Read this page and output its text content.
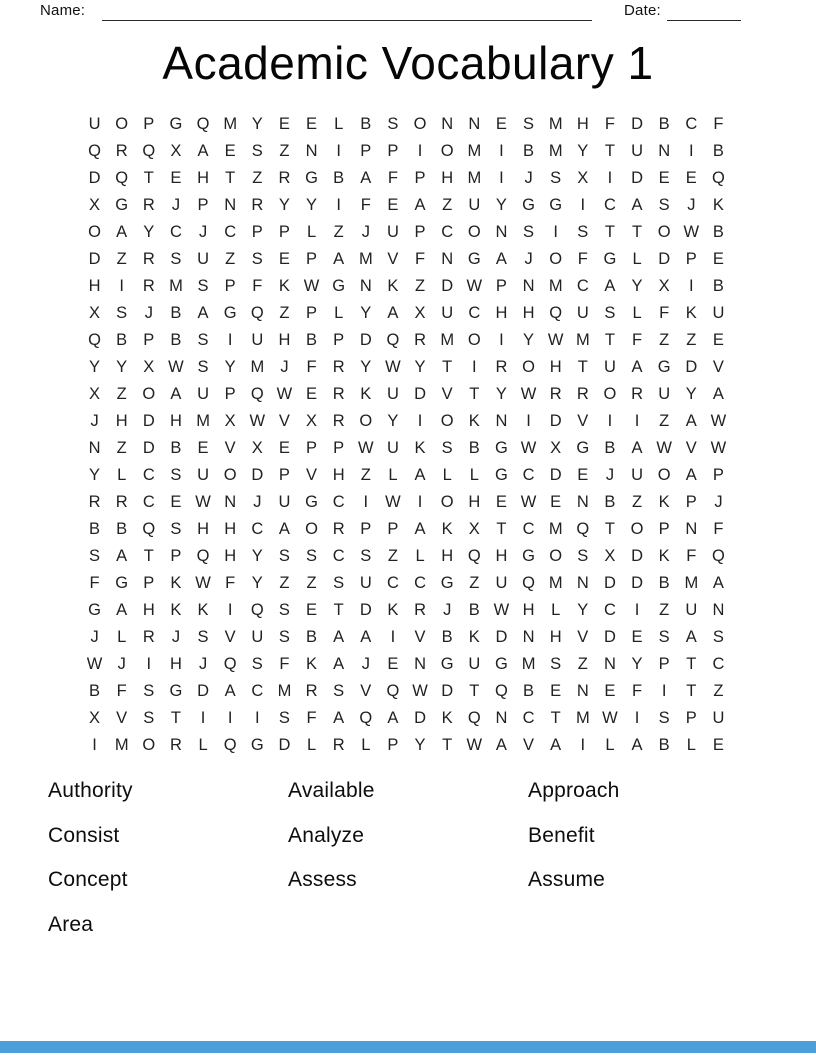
Name:	Date:
Academic Vocabulary 1
U O P G Q M Y E E	L	B S O N N E S M H F D B C F
Q R Q X A E S	Z N	I	P P	I	O M	I	B M Y	T U N	I	B
D Q T	E H T	Z R G B A	F	P H M	I	J	S X	I	D E E Q
X G R	J	P N R Y Y	I	F	E A	Z U Y G G	I	C A S	J	K
O A Y C	J	C P P	L	Z	J	U P C O N S	I	S	T	T O W B
D Z R S U Z	S E P A M V	F N G A	J	O F G L	D P E
H	I	R M S P	F	K W G N K	Z D W P N M C A Y X	I	B
X S	J	B A G Q Z	P	L	Y A X U C H H Q U S	L	F	K U
Q B P B S	I	U H B P D Q R M O	I	Y W M T	F	Z	Z	E
Y Y X W S Y M J	F R Y W Y	T	I	R O H T U A G D V
X	Z O A U P Q W E R K U D V	T	Y W R R O R U Y A
J	H D H M X W V X R O Y	I	O K N	I	D V	I	I	Z	A W
N Z D B E V X E P P W U K S B G W X G B A W V W
Y	L	C S U O D P V H Z	L	A	L	L G C D E	J	U O A P
R R C E W N	J	U G C	I	W	I	O H E W E N B	Z	K P	J
B B Q S H H C A O R P P A K X	T C M Q T O P N F
S A	T	P Q H Y S S C S	Z	L	H Q H G O S X D K	F Q
F G P K W F	Y	Z	Z	S U C C G Z U Q M N D D B M A
G A H K K	I	Q S E	T D K R	J	B W H	L	Y C	I	Z U N
J	L	R	J	S V U S B A A	I	V B K D N H V D E S A S
W J	I	H	J	Q S	F	K A	J	E N G U G M S	Z N Y P	T C
B	F	S G D A C M R S V Q W D T Q B E N E	F	I	T	Z
X V S	T	I	I	I	S	F	A Q A D K Q N C T M W	I	S P U
I	M O R	L Q G D	L	R	L	P Y	T W A V A	I	L	A B	L	E
Authority
Consist
Concept
Area
Available
Analyze
Assess
Approach
Benefit
Assume
